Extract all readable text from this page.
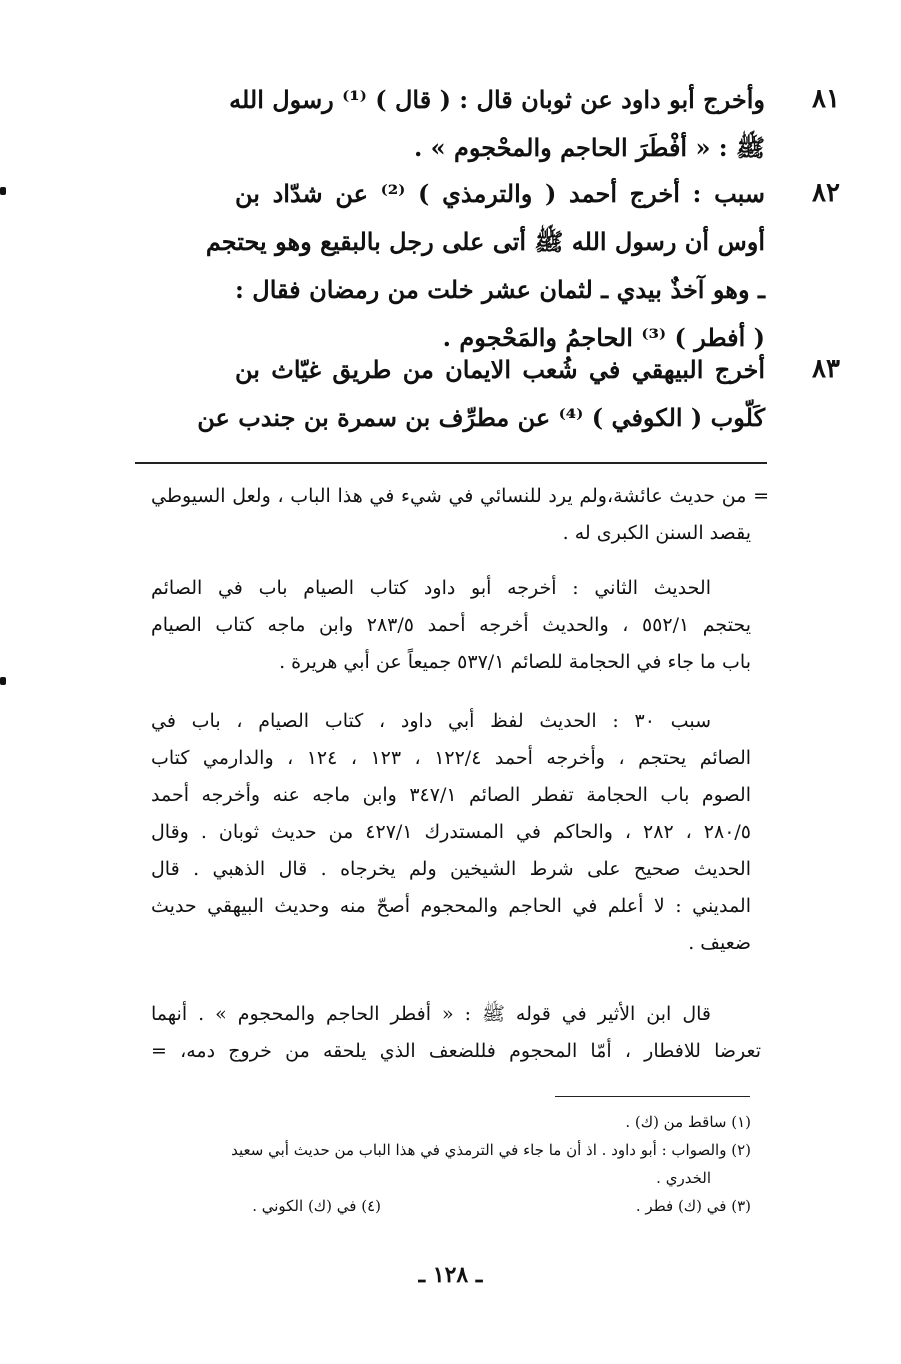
٨١
وأخرج أبو داود عن ثوبان قال : ( قال ) ⁽¹⁾ رسول الله
ﷺ : « أفْطَرَ الحاجم والمحْجوم » .
٨٢
سبب : أخرج أحمد ( والترمذي ) ⁽²⁾ عن شدّاد بن
أوس أن رسول الله ﷺ أتى على رجل بالبقيع وهو يحتجم
ـ وهو آخذٌ بيدي ـ لثمان عشر خلت من رمضان فقال :
( أفطر ) ⁽³⁾ الحاجمُ والمَحْجوم .
٨٣
أخرج البيهقي في شُعب الايمان من طريق غيّاث بن
كَلّوب ( الكوفي ) ⁽⁴⁾ عن مطرِّف بن سمرة بن جندب عن
= من حديث عائشة،ولم يرد للنسائي في شيء في هذا الباب ، ولعل السيوطي
يقصد السنن الكبرى له .
الحديث الثاني : أخرجه أبو داود كتاب الصيام باب في الصائم
يحتجم ٥٥٢/١ ، والحديث أخرجه أحمد ٢٨٣/٥ وابن ماجه كتاب الصيام
باب ما جاء في الحجامة للصائم ٥٣٧/١ جميعاً عن أبي هريرة .
سبب ٣٠ : الحديث لفظ أبي داود ، كتاب الصيام ، باب في
الصائم يحتجم ، وأخرجه أحمد ١٢٢/٤ ، ١٢٣ ، ١٢٤ ، والدارمي كتاب
الصوم باب الحجامة تفطر الصائم ٣٤٧/١ وابن ماجه عنه وأخرجه أحمد
٢٨٠/٥ ، ٢٨٢ ، والحاكم في المستدرك ٤٢٧/١ من حديث ثوبان . وقال
الحديث صحيح على شرط الشيخين ولم يخرجاه . قال الذهبي . قال
المديني : لا أعلم في الحاجم والمحجوم أصحّ منه وحديث البيهقي حديث
ضعيف .
قال ابن الأثير في قوله ﷺ : « أفطر الحاجم والمحجوم » . أنهما
تعرضا للافطار ، أمّا المحجوم فللضعف الذي يلحقه من خروج دمه، =
(١) ساقط من (ك) .
(٢) والصواب : أبو داود . اذ أن ما جاء في الترمذي في هذا الباب من حديث أبي سعيد
الخدري .
(٣) في (ك) فطر .
(٤) في (ك) الكوني .
ـ ١٢٨ ـ
